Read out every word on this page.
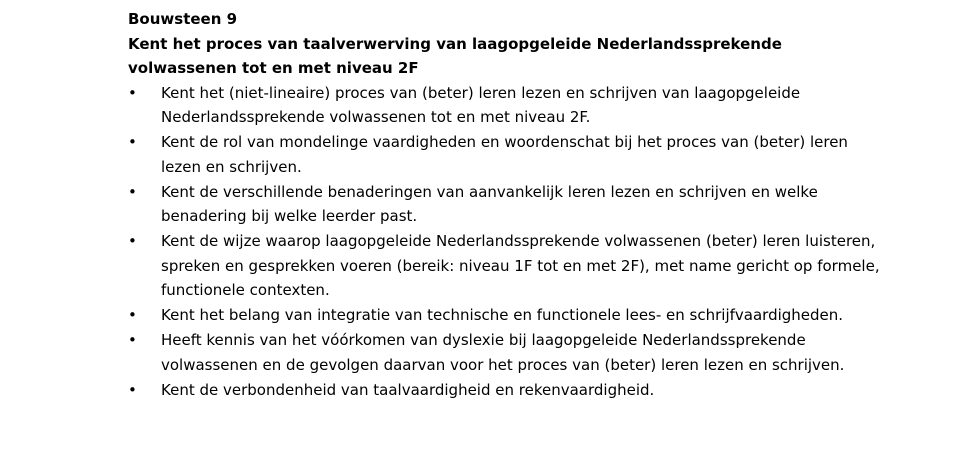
Bouwsteen 9

Kent het proces van taalverwerving van laagopgeleide Nederlandssprekende volwassenen tot en met niveau 2F

• Kent het (niet-lineaire) proces van (beter) leren lezen en schrijven van laagopgeleide Nederlandssprekende volwassenen tot en met niveau 2F.
• Kent de rol van mondelinge vaardigheden en woordenschat bij het proces van (beter) leren lezen en schrijven.
• Kent de verschillende benaderingen van aanvankelijk leren lezen en schrijven en welke benadering bij welke leerder past.
• Kent de wijze waarop laagopgeleide Nederlandssprekende volwassenen (beter) leren luisteren, spreken en gesprekken voeren (bereik: niveau 1F tot en met 2F), met name gericht op formele, functionele contexten.
• Kent het belang van integratie van technische en functionele lees- en schrijfvaardigheden.
• Heeft kennis van het vóórkomen van dyslexie bij laagopgeleide Nederlandssprekende volwassenen en de gevolgen daarvan voor het proces van (beter) leren lezen en schrijven.
• Kent de verbondenheid van taalvaardigheid en rekenvaardigheid.
